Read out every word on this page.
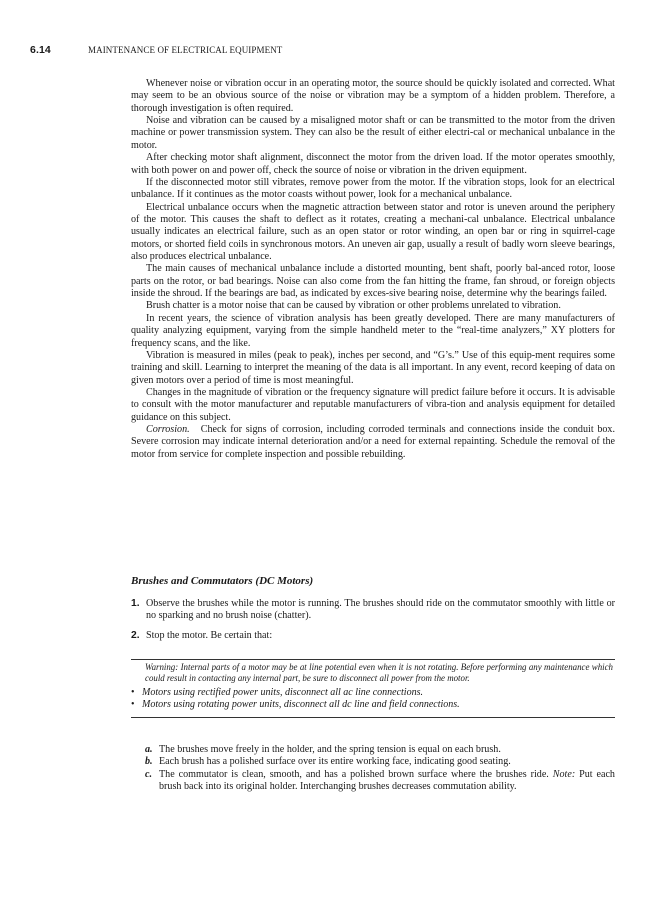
6.14	MAINTENANCE OF ELECTRICAL EQUIPMENT

Whenever noise or vibration occur in an operating motor, the source should be quickly isolated and corrected. What may seem to be an obvious source of the noise or vibration may be a symptom of a hidden problem. Therefore, a thorough investigation is often required.

Noise and vibration can be caused by a misaligned motor shaft or can be transmitted to the motor from the driven machine or power transmission system. They can also be the result of either electri-cal or mechanical unbalance in the motor.

After checking motor shaft alignment, disconnect the motor from the driven load. If the motor operates smoothly, with both power on and power off, check the source of noise or vibration in the driven equipment.

If the disconnected motor still vibrates, remove power from the motor. If the vibration stops, look for an electrical unbalance. If it continues as the motor coasts without power, look for a mechanical unbalance.

Electrical unbalance occurs when the magnetic attraction between stator and rotor is uneven around the periphery of the motor. This causes the shaft to deflect as it rotates, creating a mechani-cal unbalance. Electrical unbalance usually indicates an electrical failure, such as an open stator or rotor winding, an open bar or ring in squirrel-cage motors, or shorted field coils in synchronous motors. An uneven air gap, usually a result of badly worn sleeve bearings, also produces electrical unbalance.

The main causes of mechanical unbalance include a distorted mounting, bent shaft, poorly bal-anced rotor, loose parts on the rotor, or bad bearings. Noise can also come from the fan hitting the frame, fan shroud, or foreign objects inside the shroud. If the bearings are bad, as indicated by exces-sive bearing noise, determine why the bearings failed.

Brush chatter is a motor noise that can be caused by vibration or other problems unrelated to vibration.

In recent years, the science of vibration analysis has been greatly developed. There are many manufacturers of quality analyzing equipment, varying from the simple handheld meter to the “real-time analyzers,” XY plotters for frequency scans, and the like.

Vibration is measured in miles (peak to peak), inches per second, and “G’s.” Use of this equip-ment requires some training and skill. Learning to interpret the meaning of the data is all important. In any event, record keeping of data on given motors over a period of time is most meaningful.

Changes in the magnitude of vibration or the frequency signature will predict failure before it occurs. It is advisable to consult with the motor manufacturer and reputable manufacturers of vibra-tion and analysis equipment for detailed guidance on this subject.

Corrosion. Check for signs of corrosion, including corroded terminals and connections inside the conduit box. Severe corrosion may indicate internal deterioration and/or a need for external repainting. Schedule the removal of the motor from service for complete inspection and possible rebuilding.

Brushes and Commutators (DC Motors)
1. Observe the brushes while the motor is running. The brushes should ride on the commutator smoothly with little or no sparking and no brush noise (chatter).
2. Stop the motor. Be certain that:

Warning: Internal parts of a motor may be at line potential even when it is not rotating. Before performing any maintenance which could result in contacting any internal part, be sure to disconnect all power from the motor.

• Motors using rectified power units, disconnect all ac line connections.

• Motors using rotating power units, disconnect all dc line and field connections.

a. The brushes move freely in the holder, and the spring tension is equal on each brush.
b. Each brush has a polished surface over its entire working face, indicating good seating.
c. The commutator is clean, smooth, and has a polished brown surface where the brushes ride. Note: Put each brush back into its original holder. Interchanging brushes decreases commutation ability.
